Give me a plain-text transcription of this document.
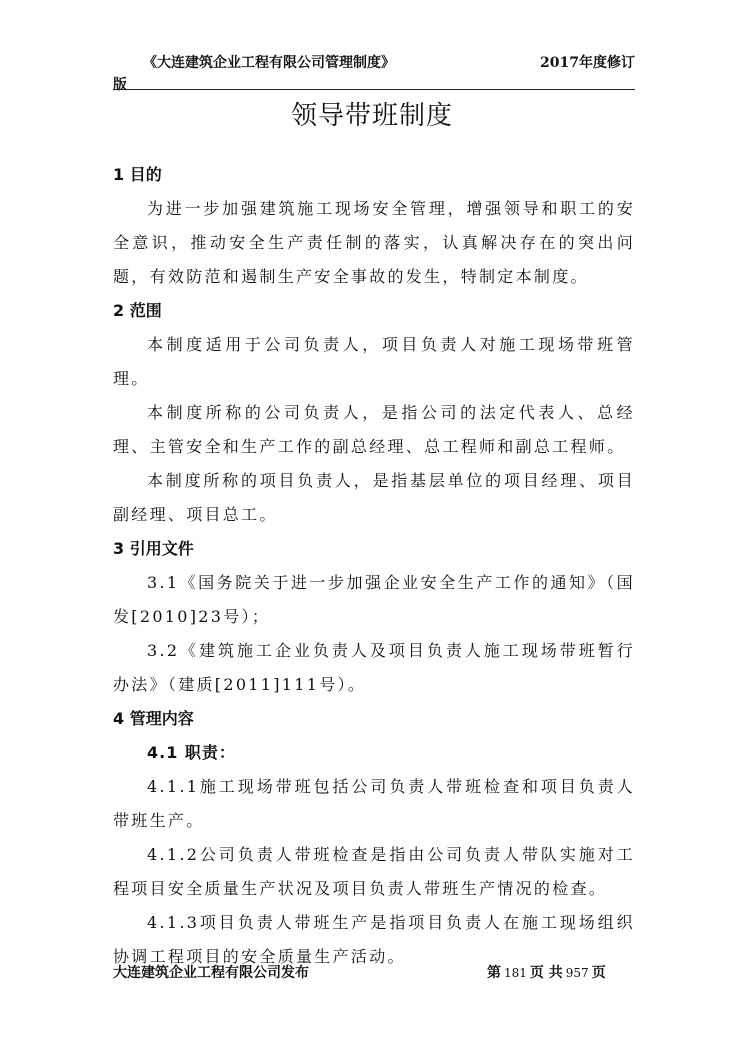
《大连建筑企业工程有限公司管理制度》	2017年度修订
版
领导带班制度
1 目的

为进一步加强建筑施工现场安全管理，增强领导和职工的安全意识，推动安全生产责任制的落实，认真解决存在的突出问题，有效防范和遏制生产安全事故的发生，特制定本制度。

2 范围

本制度适用于公司负责人，项目负责人对施工现场带班管理。

本制度所称的公司负责人，是指公司的法定代表人、总经理、主管安全和生产工作的副总经理、总工程师和副总工程师。

本制度所称的项目负责人，是指基层单位的项目经理、项目副经理、项目总工。

3 引用文件

3.1《国务院关于进一步加强企业安全生产工作的通知》（国发[2010]23号）；

3.2《建筑施工企业负责人及项目负责人施工现场带班暂行办法》（建质[2011]111号）。

4 管理内容

4.1 职责：

4.1.1施工现场带班包括公司负责人带班检查和项目负责人带班生产。

4.1.2公司负责人带班检查是指由公司负责人带队实施对工程项目安全质量生产状况及项目负责人带班生产情况的检查。

4.1.3项目负责人带班生产是指项目负责人在施工现场组织协调工程项目的安全质量生产活动。

大连建筑企业工程有限公司发布	第 181 页 共 957 页
